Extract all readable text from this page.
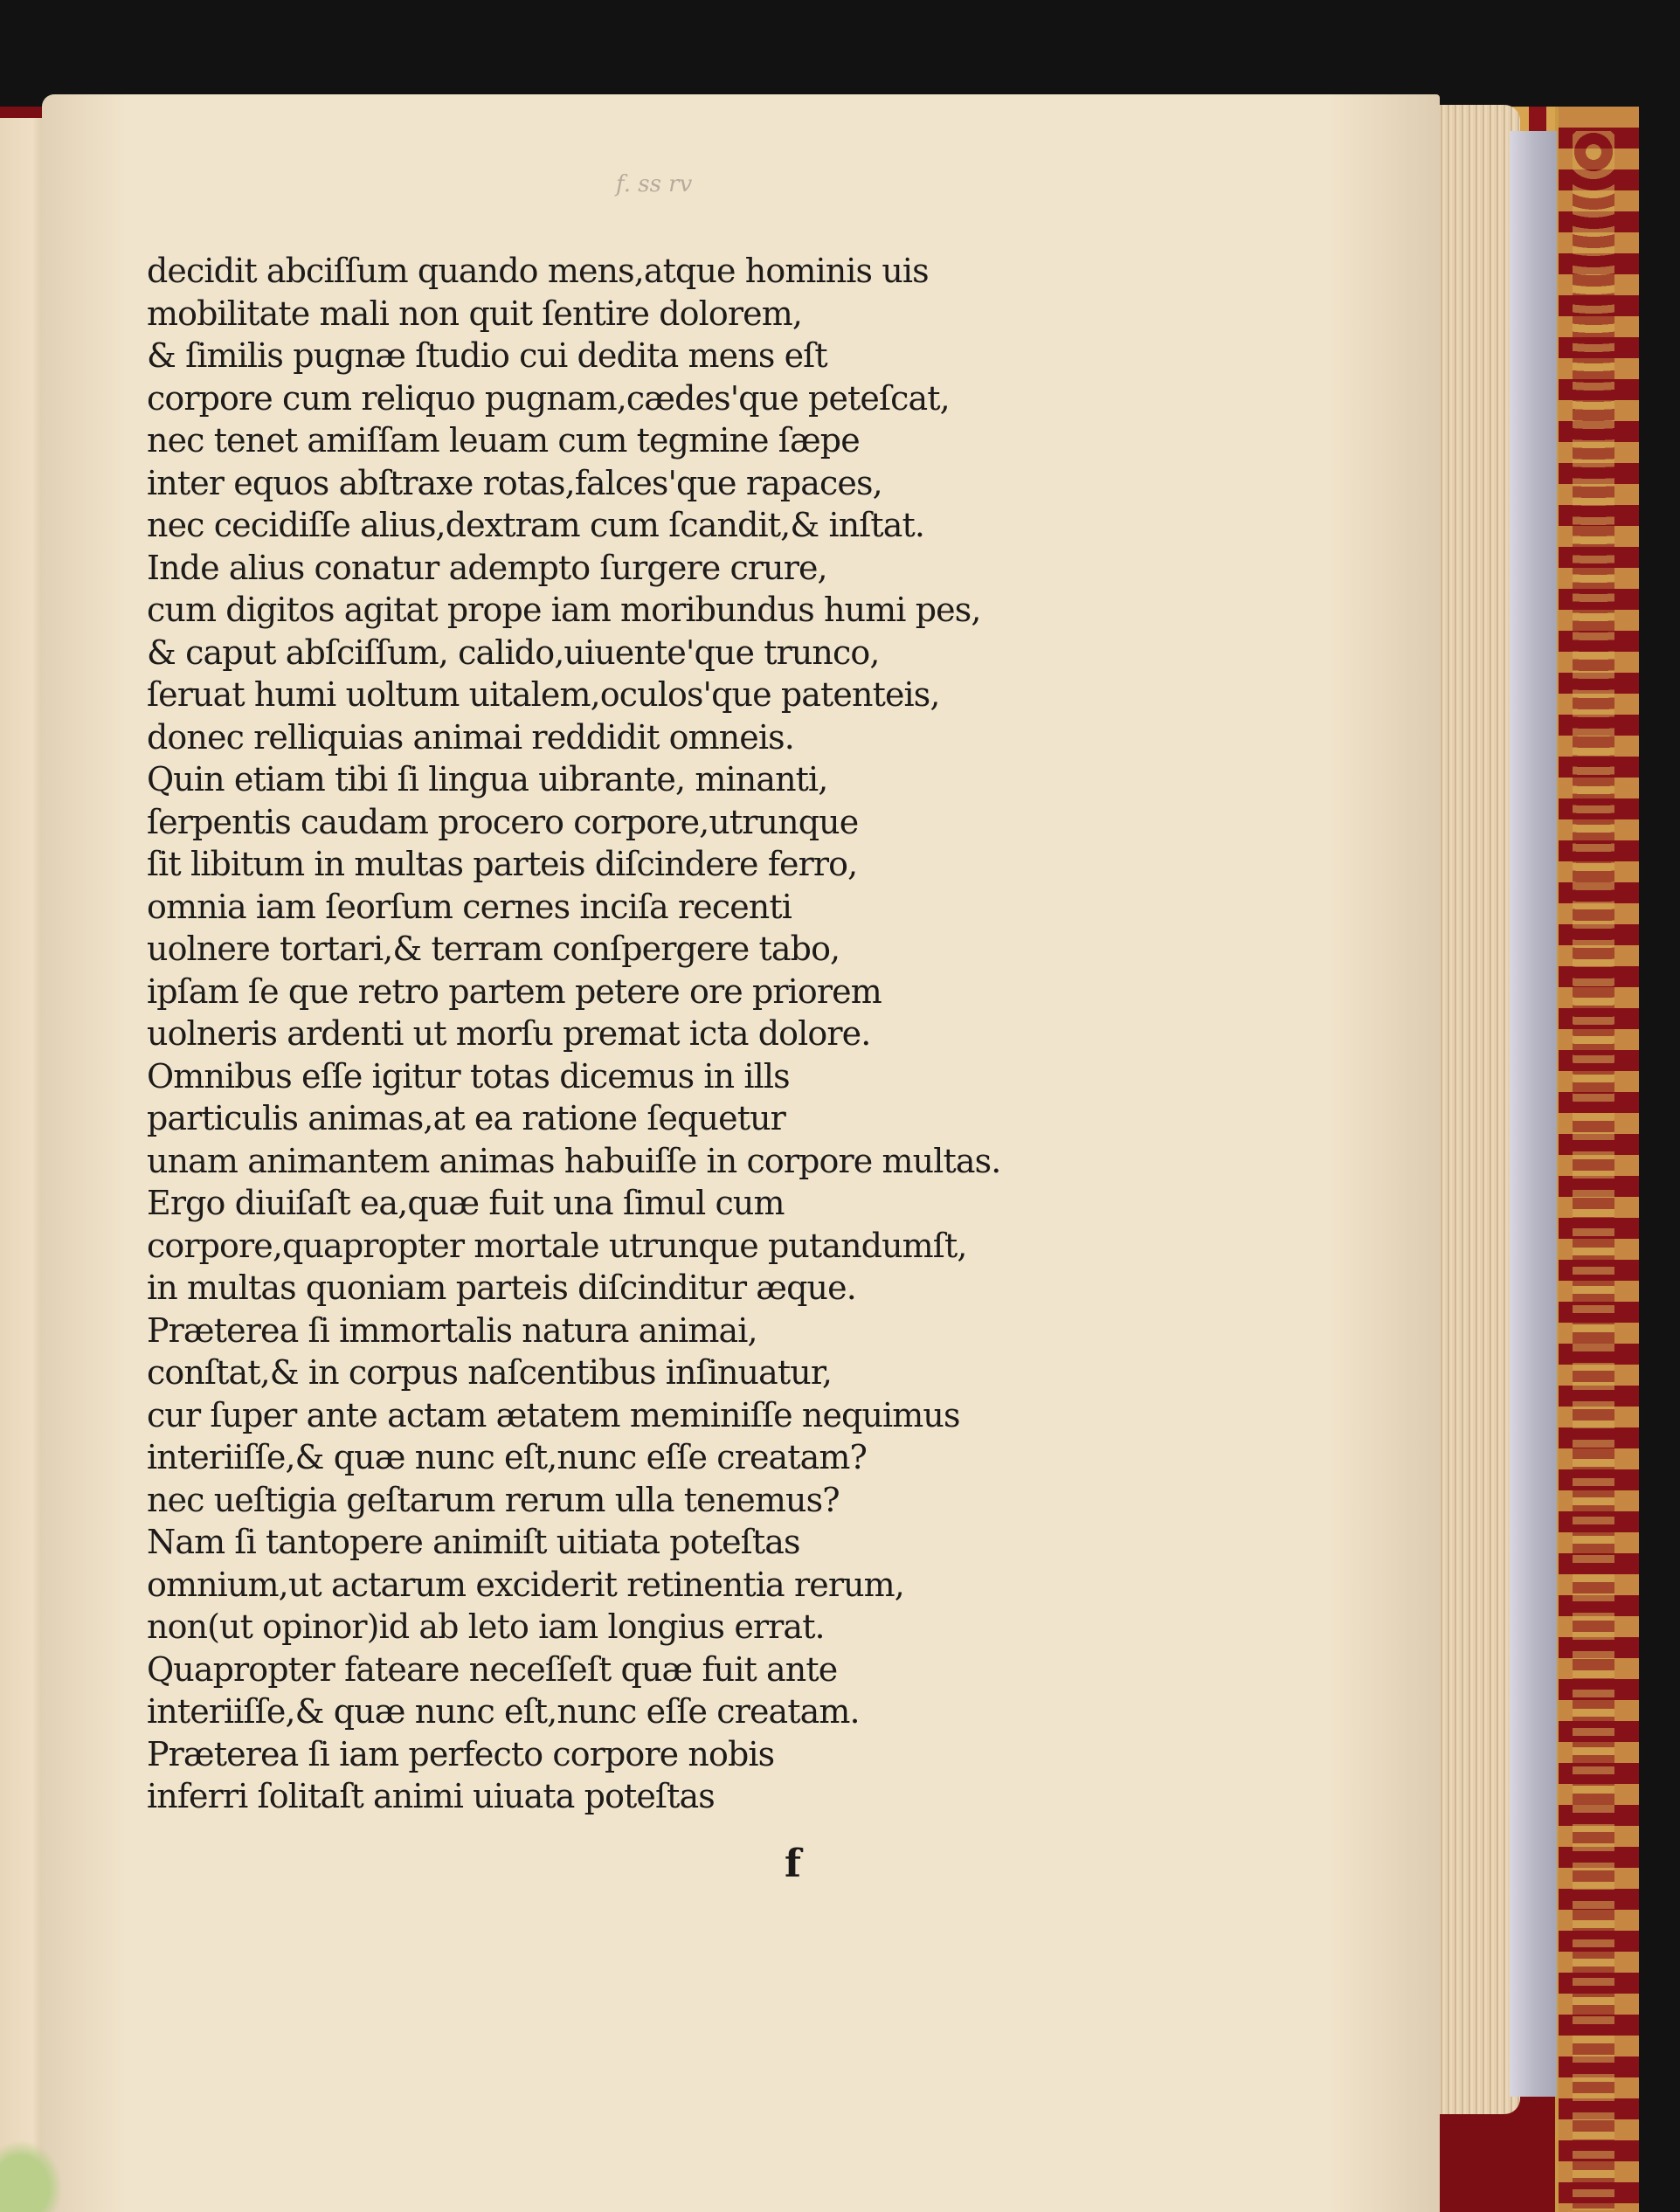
f. ss rv
decidit abciſſum quando mens,atque hominis uis
mobilitate mali non quit ſentire dolorem,
& ſimilis pugnæ ſtudio cui dedita mens eſt
corpore cum reliquo pugnam,cædes'que peteſcat,
nec tenet amiſſam leuam cum tegmine ſæpe
inter equos abſtraxe rotas,falces'que rapaces,
nec cecidiſſe alius,dextram cum ſcandit,& inſtat.
Inde alius conatur adempto ſurgere crure,
cum digitos agitat prope iam moribundus humi pes,
& caput abſciſſum, calido,uiuente'que trunco,
ſeruat humi uoltum uitalem,oculos'que patenteis,
donec relliquias animai reddidit omneis.
Quin etiam tibi ſi lingua uibrante, minanti,
ſerpentis caudam procero corpore,utrunque
ſit libitum in multas parteis diſcindere ferro,
omnia iam ſeorſum cernes inciſa recenti
uolnere tortari,& terram conſpergere tabo,
ipſam ſe que retro partem petere ore priorem
uolneris ardenti ut morſu premat icta dolore.
Omnibus eſſe igitur totas dicemus in ills
particulis animas,at ea ratione ſequetur
unam animantem animas habuiſſe in corpore multas.
Ergo diuiſaſt ea,quæ fuit una ſimul cum
corpore,quapropter mortale utrunque putandumſt,
in multas quoniam parteis diſcinditur æque.
Præterea ſi immortalis natura animai,
conſtat,& in corpus naſcentibus inſinuatur,
cur ſuper ante actam ætatem meminiſſe nequimus
interiiſſe,& quæ nunc eſt,nunc eſſe creatam?
nec ueſtigia geſtarum rerum ulla tenemus?
Nam ſi tantopere animiſt uitiata poteſtas
omnium,ut actarum exciderit retinentia rerum,
non(ut opinor)id ab leto iam longius errat.
Quapropter fateare neceſſeſt quæ fuit ante
interiiſſe,& quæ nunc eſt,nunc eſſe creatam.
Præterea ſi iam perfecto corpore nobis
inferri ſolitaſt animi uiuata poteſtas
f
